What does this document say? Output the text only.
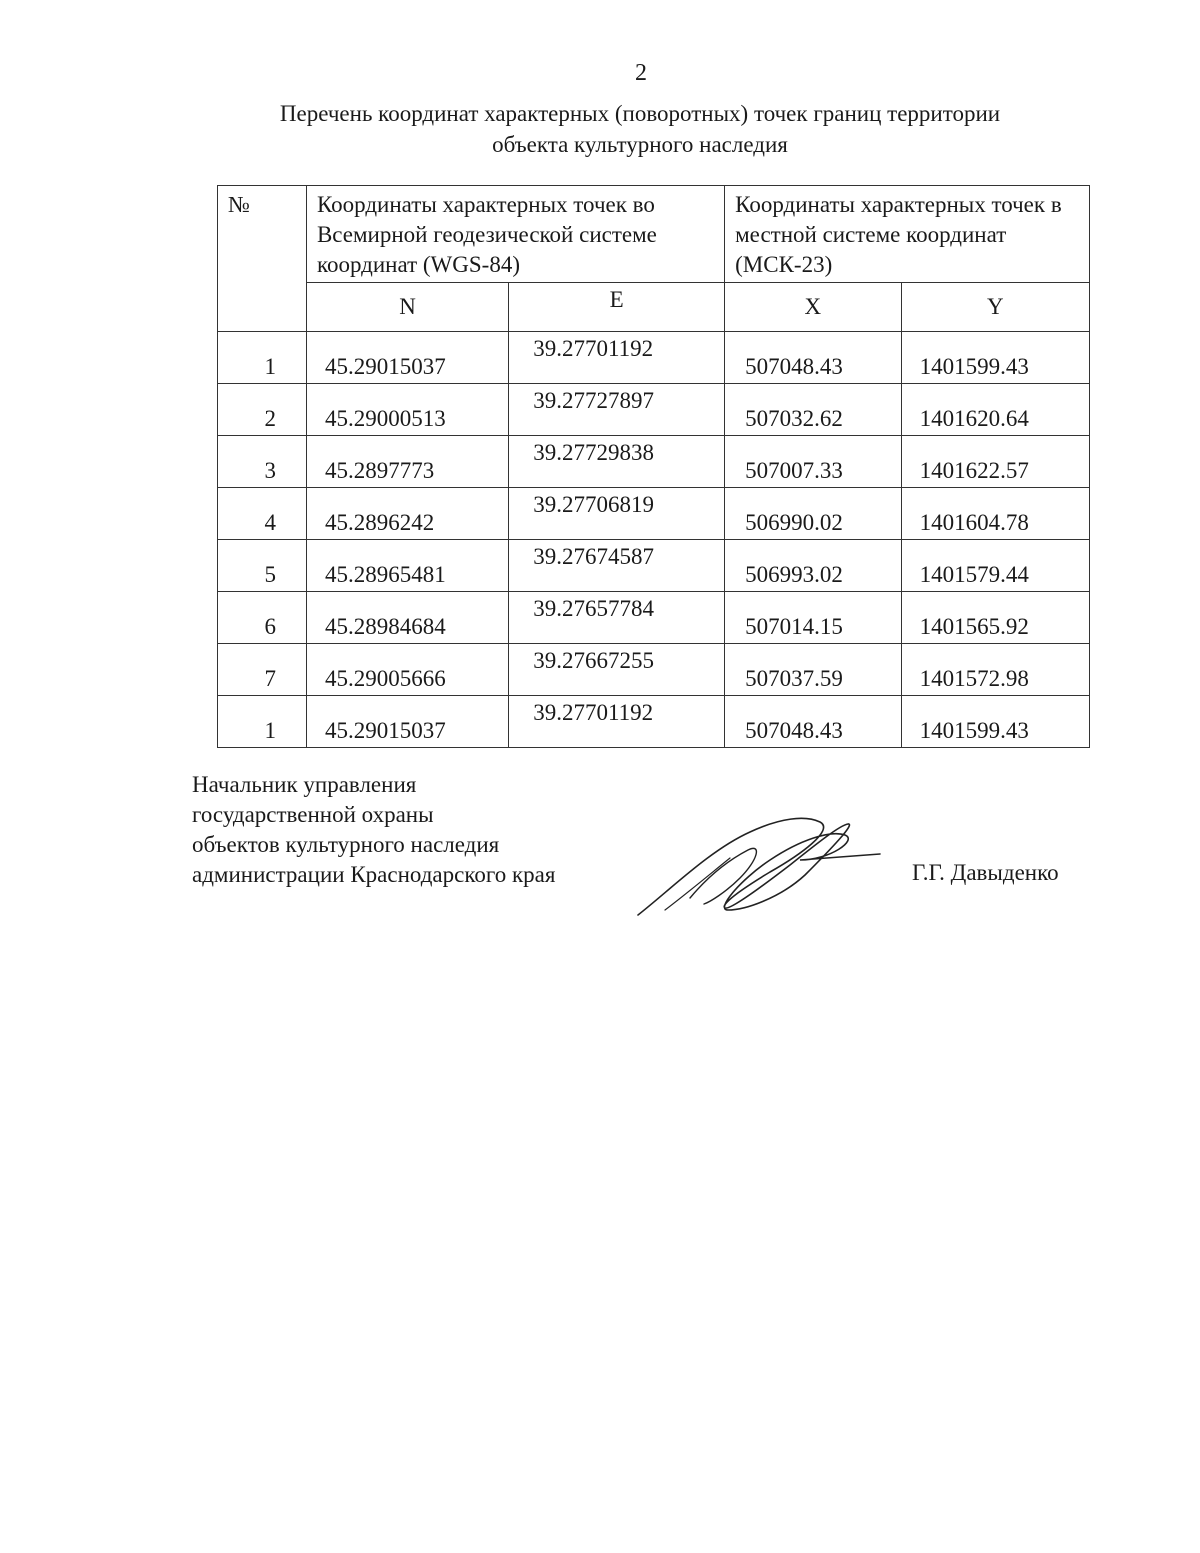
2
Перечень координат характерных (поворотных) точек границ территории
объекта культурного наследия
№	Координаты характерных точек во Всемирной геодезической системе координат (WGS-84)		Координаты характерных точек в местной системе координат (МСК-23)	
	N	E	X	Y
1	45.29015037	39.27701192	507048.43	1401599.43
2	45.29000513	39.27727897	507032.62	1401620.64
3	45.2897773	39.27729838	507007.33	1401622.57
4	45.2896242	39.27706819	506990.02	1401604.78
5	45.28965481	39.27674587	506993.02	1401579.44
6	45.28984684	39.27657784	507014.15	1401565.92
7	45.29005666	39.27667255	507037.59	1401572.98
1	45.29015037	39.27701192	507048.43	1401599.43
Начальник управления
государственной охраны
объектов культурного наследия
администрации Краснодарского края	Г.Г. Давыденко
